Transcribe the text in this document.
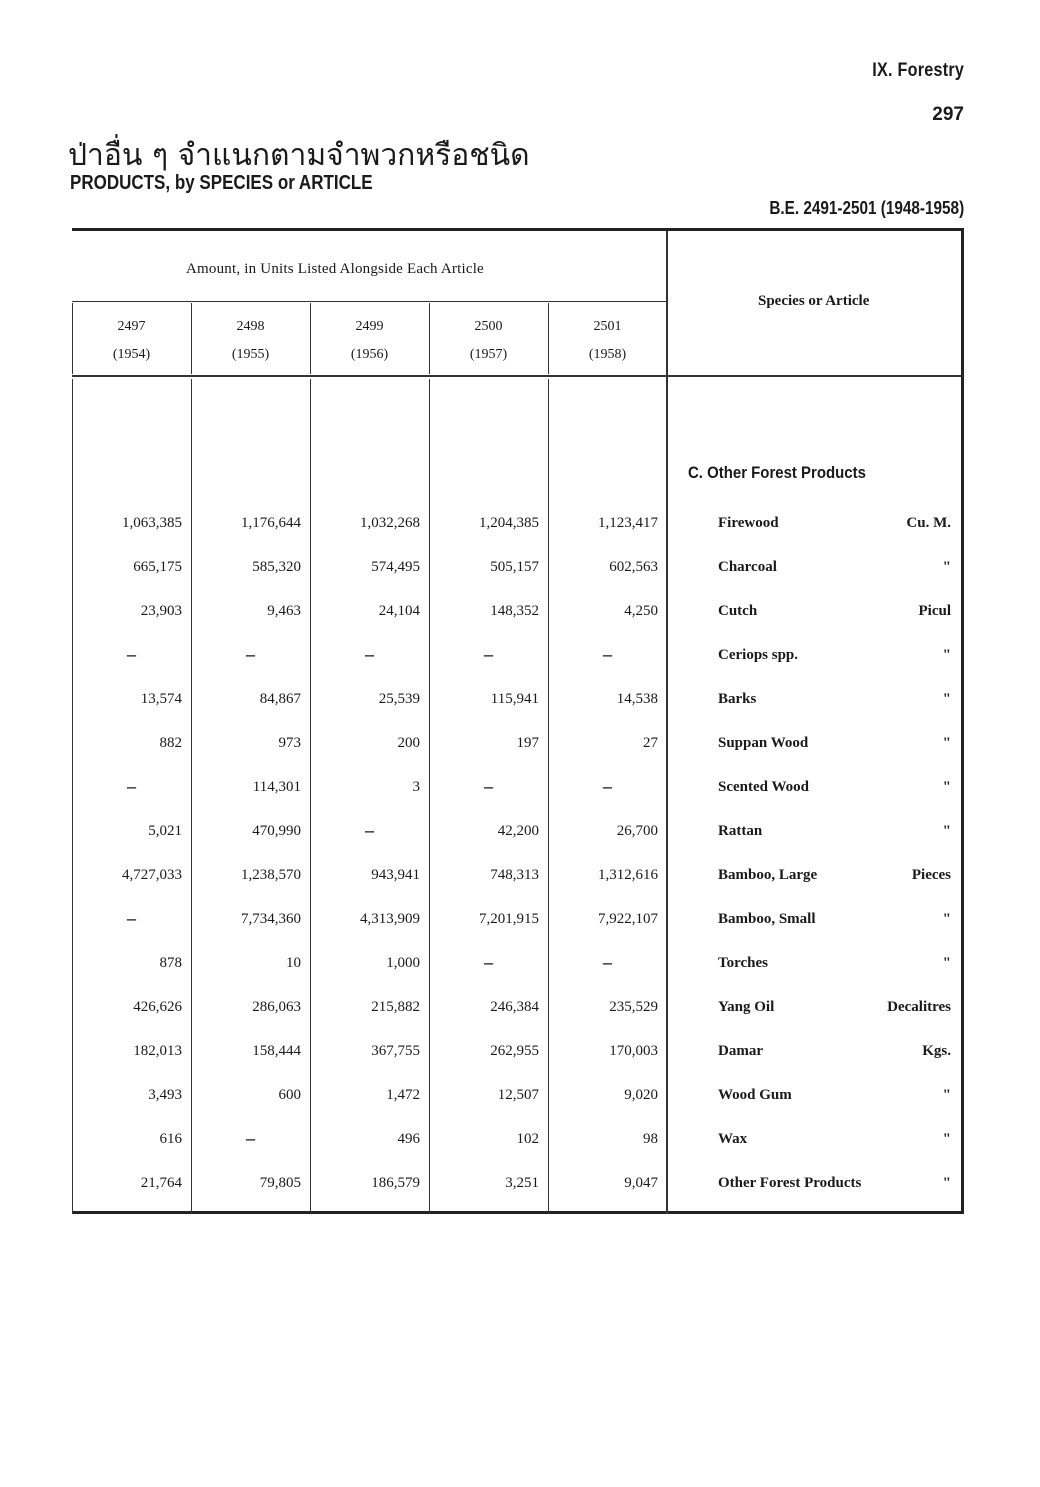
IX. Forestry
297
ป่าอื่น ๆ จำแนกตามจำพวกหรือชนิด
PRODUCTS, by SPECIES or ARTICLE
B.E. 2491-2501 (1948-1958)
Amount, in Units Listed Alongside Each Article
Species or Article
2497
(1954)
2498
(1955)
2499
(1956)
2500
(1957)
2501
(1958)
C. Other Forest Products
1,063,385	1,176,644	1,032,268	1,204,385	1,123,417	Firewood	Cu. M.
665,175	585,320	574,495	505,157	602,563	Charcoal	"
23,903	9,463	24,104	148,352	4,250	Cutch	Picul
–	–	–	–	–	Ceriops spp.	"
13,574	84,867	25,539	115,941	14,538	Barks	"
882	973	200	197	27	Suppan Wood	"
–	114,301	3	–	–	Scented Wood	"
5,021	470,990	–	42,200	26,700	Rattan	"
4,727,033	1,238,570	943,941	748,313	1,312,616	Bamboo, Large	Pieces
–	7,734,360	4,313,909	7,201,915	7,922,107	Bamboo, Small	"
878	10	1,000	–	–	Torches	"
426,626	286,063	215,882	246,384	235,529	Yang Oil	Decalitres
182,013	158,444	367,755	262,955	170,003	Damar	Kgs.
3,493	600	1,472	12,507	9,020	Wood Gum	"
616	–	496	102	98	Wax	"
21,764	79,805	186,579	3,251	9,047	Other Forest Products	"
